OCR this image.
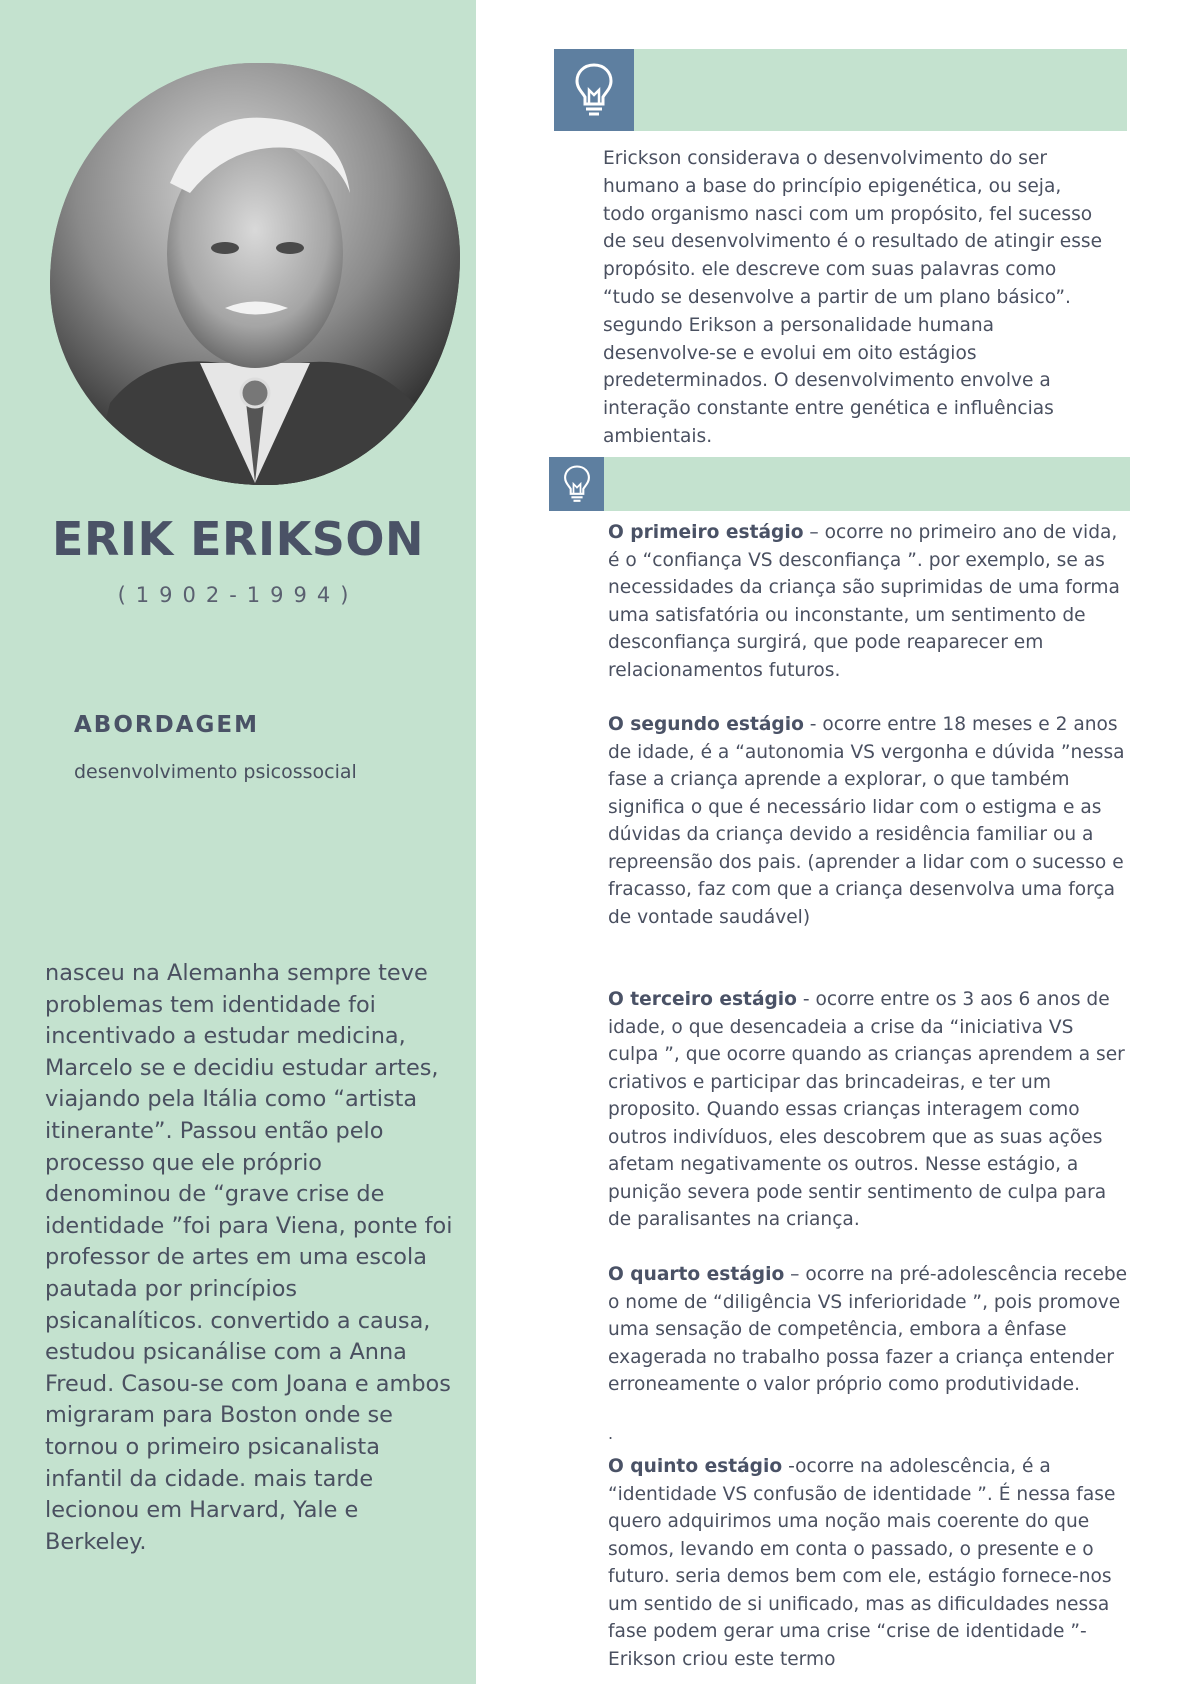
ERIK ERIKSON
(1902-1994)
ABORDAGEM
desenvolvimento psicossocial

nasceu na Alemanha sempre teve problemas tem identidade foi incentivado a estudar medicina, Marcelo se e decidiu estudar artes, viajando pela Itália como “artista itinerante”. Passou então pelo processo que ele próprio denominou de “grave crise de identidade ”foi para Viena, ponte foi professor de artes em uma escola pautada por princípios psicanalíticos. convertido a causa, estudou psicanálise com a Anna Freud. Casou-se com Joana e ambos migraram para Boston onde se tornou o primeiro psicanalista infantil da cidade. mais tarde lecionou em Harvard, Yale e Berkeley.

Erickson considerava o desenvolvimento do ser humano a base do princípio epigenética, ou seja, todo organismo nasci com um propósito, fel sucesso de seu desenvolvimento é o resultado de atingir esse propósito. ele descreve com suas palavras como “tudo se desenvolve a partir de um plano básico”. segundo Erikson a personalidade humana desenvolve-se e evolui em oito estágios predeterminados. O desenvolvimento envolve a interação constante entre genética e influências ambientais.

O primeiro estágio – ocorre no primeiro ano de vida, é o “confiança VS desconfiança ”. por exemplo, se as necessidades da criança são suprimidas de uma forma uma satisfatória ou inconstante, um sentimento de desconfiança surgirá, que pode reaparecer em relacionamentos futuros.

O segundo estágio - ocorre entre 18 meses e 2 anos de idade, é a “autonomia VS vergonha e dúvida ”nessa fase a criança aprende a explorar, o que também significa o que é necessário lidar com o estigma e as dúvidas da criança devido a residência familiar ou a repreensão dos pais. (aprender a lidar com o sucesso e fracasso, faz com que a criança desenvolva uma força de vontade saudável)

O terceiro estágio - ocorre entre os 3 aos 6 anos de idade, o que desencadeia a crise da “iniciativa VS culpa ”, que ocorre quando as crianças aprendem a ser criativos e participar das brincadeiras, e ter um proposito. Quando essas crianças interagem como outros indivíduos, eles descobrem que as suas ações afetam negativamente os outros. Nesse estágio, a punição severa pode sentir sentimento de culpa para de paralisantes na criança.

O quarto estágio – ocorre na pré-adolescência recebe o nome de “diligência VS inferioridade ”, pois promove uma sensação de competência, embora a ênfase exagerada no trabalho possa fazer a criança entender erroneamente o valor próprio como produtividade.

.

O quinto estágio -ocorre na adolescência, é a “identidade VS confusão de identidade ”. É nessa fase quero adquirimos uma noção mais coerente do que somos, levando em conta o passado, o presente e o futuro. seria demos bem com ele, estágio fornece-nos um sentido de si unificado, mas as dificuldades nessa fase podem gerar uma crise “crise de identidade ”- Erikson criou este termo
